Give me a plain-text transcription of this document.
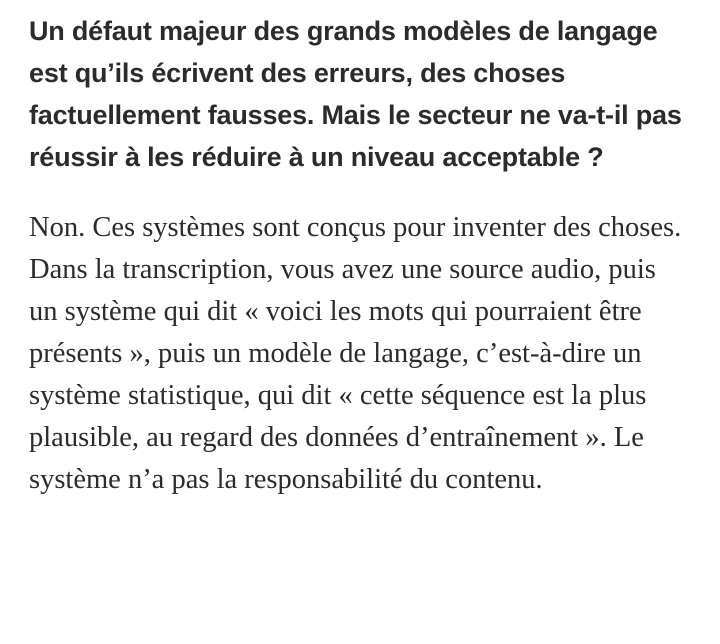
Un défaut majeur des grands modèles de langage est qu’ils écrivent des erreurs, des choses factuellement fausses. Mais le secteur ne va-t-il pas réussir à les réduire à un niveau acceptable ?

Non. Ces systèmes sont conçus pour inventer des choses. Dans la transcription, vous avez une source audio, puis un système qui dit « voici les mots qui pourraient être présents », puis un modèle de langage, c’est-à-dire un système statistique, qui dit « cette séquence est la plus plausible, au regard des données d’entraînement ». Le système n’a pas la responsabilité du contenu.
